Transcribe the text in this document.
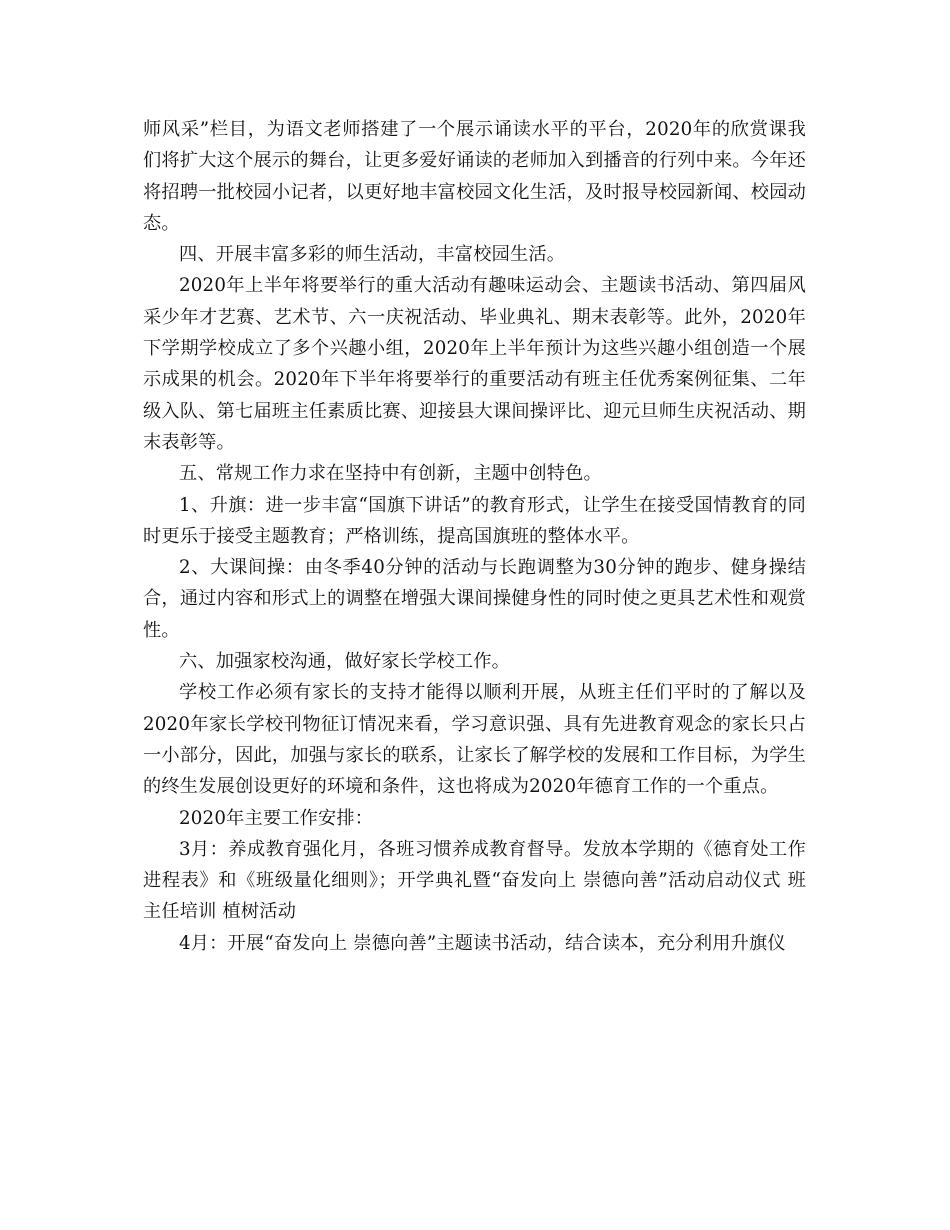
师风采”栏目，为语文老师搭建了一个展示诵读水平的平台，2020年的欣赏课我们将扩大这个展示的舞台，让更多爱好诵读的老师加入到播音的行列中来。今年还将招聘一批校园小记者，以更好地丰富校园文化生活，及时报导校园新闻、校园动态。

四、开展丰富多彩的师生活动，丰富校园生活。

2020年上半年将要举行的重大活动有趣味运动会、主题读书活动、第四届风采少年才艺赛、艺术节、六一庆祝活动、毕业典礼、期末表彰等。此外，2020年下学期学校成立了多个兴趣小组，2020年上半年预计为这些兴趣小组创造一个展示成果的机会。2020年下半年将要举行的重要活动有班主任优秀案例征集、二年级入队、第七届班主任素质比赛、迎接县大课间操评比、迎元旦师生庆祝活动、期末表彰等。

五、常规工作力求在坚持中有创新，主题中创特色。

1、升旗：进一步丰富“国旗下讲话”的教育形式，让学生在接受国情教育的同时更乐于接受主题教育；严格训练，提高国旗班的整体水平。

2、大课间操：由冬季40分钟的活动与长跑调整为30分钟的跑步、健身操结合，通过内容和形式上的调整在增强大课间操健身性的同时使之更具艺术性和观赏性。

六、加强家校沟通，做好家长学校工作。

学校工作必须有家长的支持才能得以顺利开展，从班主任们平时的了解以及2020年家长学校刊物征订情况来看，学习意识强、具有先进教育观念的家长只占一小部分，因此，加强与家长的联系，让家长了解学校的发展和工作目标，为学生的终生发展创设更好的环境和条件，这也将成为2020年德育工作的一个重点。

2020年主要工作安排：

3月：养成教育强化月，各班习惯养成教育督导。发放本学期的《德育处工作进程表》和《班级量化细则》；开学典礼暨“奋发向上 崇德向善”活动启动仪式 班主任培训 植树活动

4月：开展“奋发向上 崇德向善”主题读书活动，结合读本，充分利用升旗仪
